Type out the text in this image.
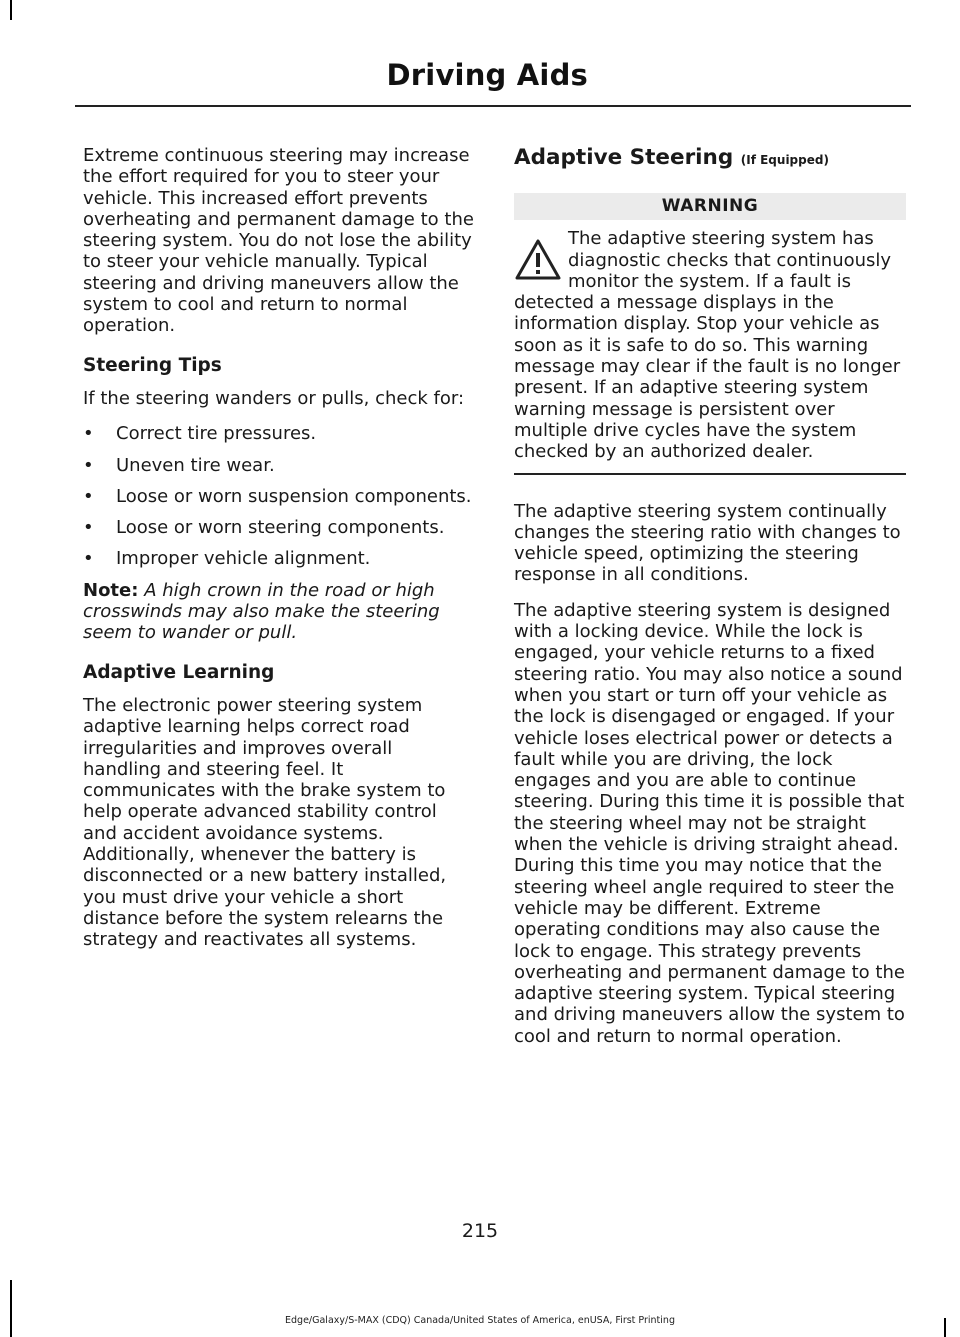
Driving Aids

Extreme continuous steering may increase the effort required for you to steer your vehicle. This increased effort prevents overheating and permanent damage to the steering system. You do not lose the ability to steer your vehicle manually. Typical steering and driving maneuvers allow the system to cool and return to normal operation.

Steering Tips

If the steering wanders or pulls, check for:

• Correct tire pressures.
• Uneven tire wear.
• Loose or worn suspension components.
• Loose or worn steering components.
• Improper vehicle alignment.

Note: A high crown in the road or high crosswinds may also make the steering seem to wander or pull.

Adaptive Learning

The electronic power steering system adaptive learning helps correct road irregularities and improves overall handling and steering feel. It communicates with the brake system to help operate advanced stability control and accident avoidance systems. Additionally, whenever the battery is disconnected or a new battery installed, you must drive your vehicle a short distance before the system relearns the strategy and reactivates all systems.

Adaptive Steering (If Equipped)
WARNING
The adaptive steering system has diagnostic checks that continuously monitor the system. If a fault is detected a message displays in the information display. Stop your vehicle as soon as it is safe to do so. This warning message may clear if the fault is no longer present. If an adaptive steering system warning message is persistent over multiple drive cycles have the system checked by an authorized dealer.

The adaptive steering system continually changes the steering ratio with changes to vehicle speed, optimizing the steering response in all conditions.

The adaptive steering system is designed with a locking device. While the lock is engaged, your vehicle returns to a fixed steering ratio. You may also notice a sound when you start or turn off your vehicle as the lock is disengaged or engaged. If your vehicle loses electrical power or detects a fault while you are driving, the lock engages and you are able to continue steering. During this time it is possible that the steering wheel may not be straight when the vehicle is driving straight ahead. During this time you may notice that the steering wheel angle required to steer the vehicle may be different. Extreme operating conditions may also cause the lock to engage. This strategy prevents overheating and permanent damage to the adaptive steering system. Typical steering and driving maneuvers allow the system to cool and return to normal operation.

215
Edge/Galaxy/S-MAX (CDQ) Canada/United States of America, enUSA, First Printing
